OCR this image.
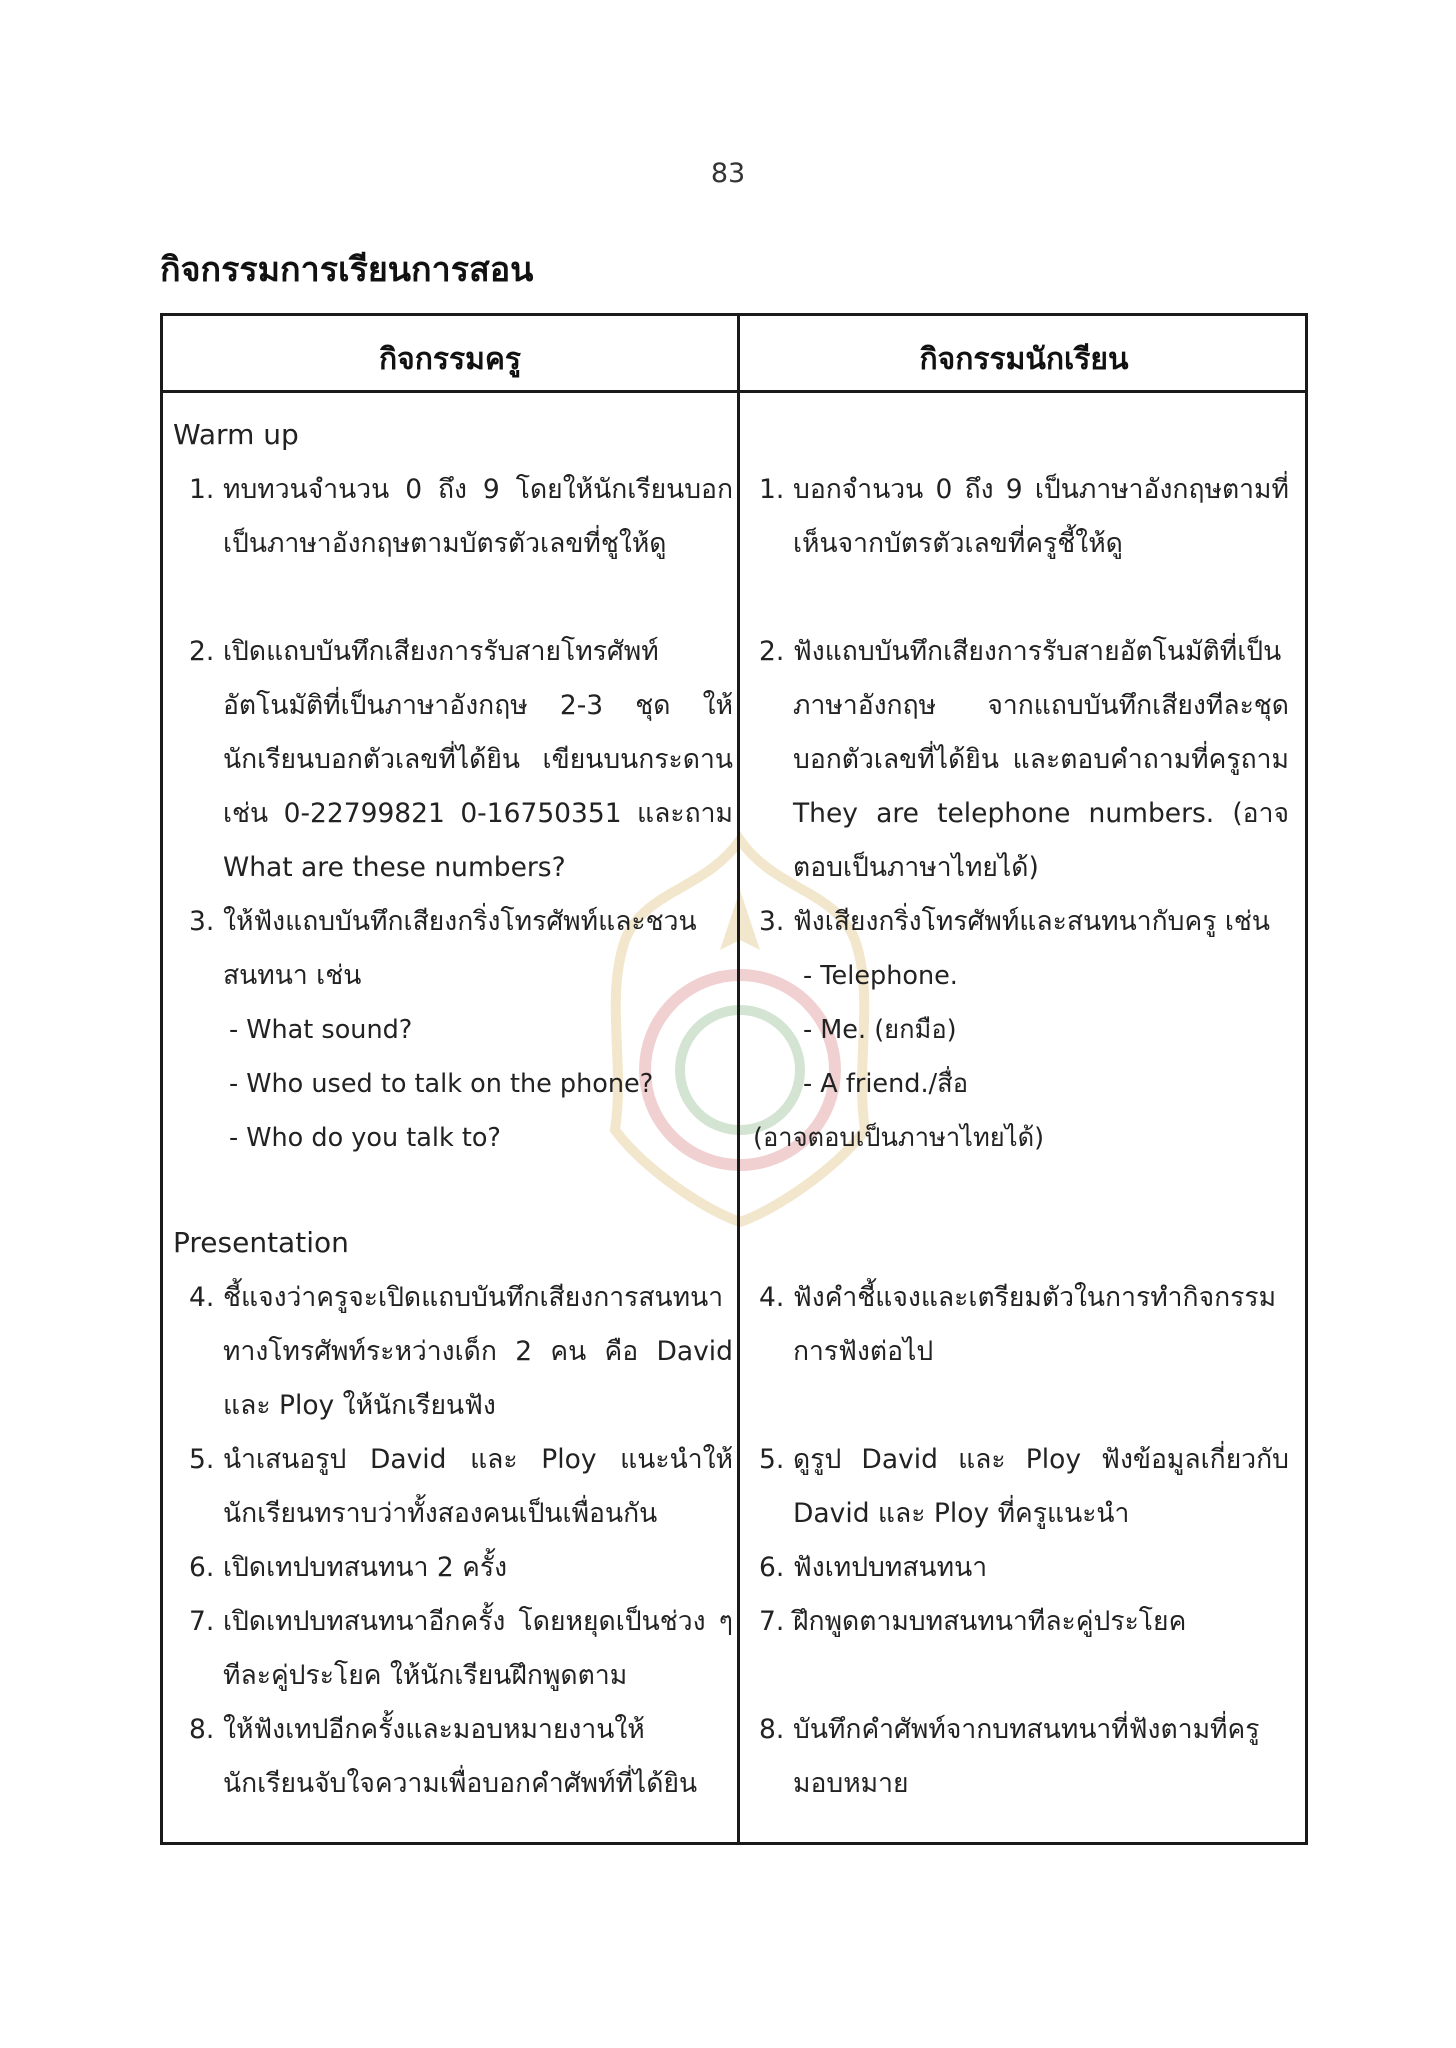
83
กิจกรรมการเรียนการสอน
กิจกรรมครู	กิจกรรมนักเรียน
Warm up
1. ทบทวนจำนวน 0 ถึง 9 โดยให้นักเรียนบอกเป็นภาษาอังกฤษตามบัตรตัวเลขที่ชูให้ดู
2. เปิดแถบบันทึกเสียงการรับสายโทรศัพท์อัตโนมัติที่เป็นภาษาอังกฤษ 2-3 ชุด ให้นักเรียนบอกตัวเลขที่ได้ยิน เขียนบนกระดาน เช่น 0-22799821 0-16750351 และถาม What are these numbers?
3. ให้ฟังแถบบันทึกเสียงกริ่งโทรศัพท์และชวนสนทนา เช่น
- What sound?
- Who used to talk on the phone?
- Who do you talk to?
Presentation
4. ชี้แจงว่าครูจะเปิดแถบบันทึกเสียงการสนทนาทางโทรศัพท์ระหว่างเด็ก 2 คน คือ David และ Ploy ให้นักเรียนฟัง
5. นำเสนอรูป David และ Ploy แนะนำให้นักเรียนทราบว่าทั้งสองคนเป็นเพื่อนกัน
6. เปิดเทปบทสนทนา 2 ครั้ง
7. เปิดเทปบทสนทนาอีกครั้ง โดยหยุดเป็นช่วง ๆ ทีละคู่ประโยค ให้นักเรียนฝึกพูดตาม
8. ให้ฟังเทปอีกครั้งและมอบหมายงานให้นักเรียนจับใจความเพื่อบอกคำศัพท์ที่ได้ยิน
1. บอกจำนวน 0 ถึง 9 เป็นภาษาอังกฤษตามที่เห็นจากบัตรตัวเลขที่ครูชี้ให้ดู
2. ฟังแถบบันทึกเสียงการรับสายอัตโนมัติที่เป็นภาษาอังกฤษ จากแถบบันทึกเสียงทีละชุด บอกตัวเลขที่ได้ยิน และตอบคำถามที่ครูถาม They are telephone numbers. (อาจตอบเป็นภาษาไทยได้)
3. ฟังเสียงกริ่งโทรศัพท์และสนทนากับครู เช่น
- Telephone.
- Me. (ยกมือ)
- A friend./สื่อ
(อาจตอบเป็นภาษาไทยได้)
4. ฟังคำชี้แจงและเตรียมตัวในการทำกิจกรรมการฟังต่อไป
5. ดูรูป David และ Ploy ฟังข้อมูลเกี่ยวกับ David และ Ploy ที่ครูแนะนำ
6. ฟังเทปบทสนทนา
7. ฝึกพูดตามบทสนทนาทีละคู่ประโยค
8. บันทึกคำศัพท์จากบทสนทนาที่ฟังตามที่ครูมอบหมาย
